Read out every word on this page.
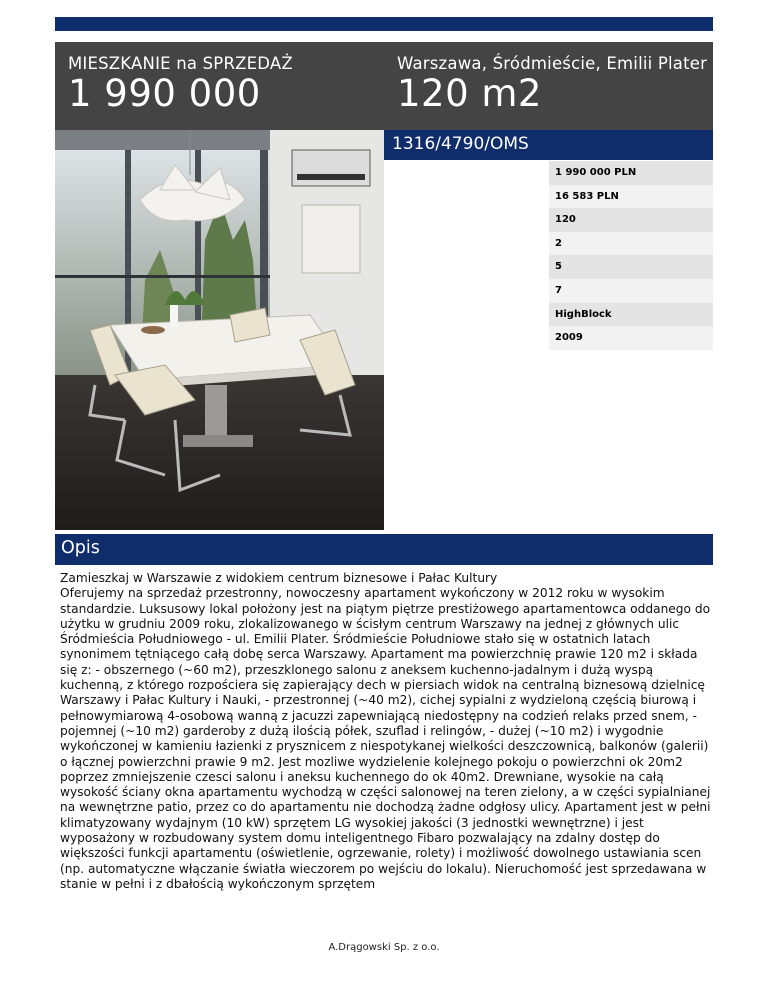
MIESZKANIE na SPRZEDAŻ
1 990 000
Warszawa, Śródmieście, Emilii Plater
120 m2
1316/4790/OMS
1 990 000 PLN
16 583 PLN
120
2
5
7
HighBlock
2009
Opis
Zamieszkaj w Warszawie z widokiem centrum biznesowe i Pałac Kultury
Oferujemy na sprzedaż przestronny, nowoczesny apartament wykończony w 2012 roku w wysokim standardzie. Luksusowy lokal położony jest na piątym piętrze prestiżowego apartamentowca oddanego do użytku w grudniu 2009 roku, zlokalizowanego w ścisłym centrum Warszawy na jednej z głównych ulic Śródmieścia Południowego - ul. Emilii Plater. Śródmieście Południowe stało się w ostatnich latach synonimem tętniącego całą dobę serca Warszawy. Apartament ma powierzchnię prawie 120 m2 i składa się z: - obszernego (~60 m2), przeszklonego salonu z aneksem kuchenno-jadalnym i dużą wyspą kuchenną, z którego rozpościera się zapierający dech w piersiach widok na centralną biznesową dzielnicę Warszawy i Pałac Kultury i Nauki, - przestronnej (~40 m2), cichej sypialni z wydzieloną częścią biurową i pełnowymiarową 4-osobową wanną z jacuzzi zapewniającą niedostępny na codzień relaks przed snem, - pojemnej (~10 m2) garderoby z dużą ilością półek, szuflad i relingów, - dużej (~10 m2) i wygodnie wykończonej w kamieniu łazienki z prysznicem z niespotykanej wielkości deszczownicą, balkonów (galerii) o łącznej powierzchni prawie 9 m2. Jest mozliwe wydzielenie kolejnego pokoju o powierzchni ok 20m2 poprzez zmniejszenie czesci salonu i aneksu kuchennego do ok 40m2. Drewniane, wysokie na całą wysokość ściany okna apartamentu wychodzą w części salonowej na teren zielony, a w części sypialnianej na wewnętrzne patio, przez co do apartamentu nie dochodzą żadne odgłosy ulicy. Apartament jest w pełni klimatyzowany wydajnym (10 kW) sprzętem LG wysokiej jakości (3 jednostki wewnętrzne) i jest wyposażony w rozbudowany system domu inteligentnego Fibaro pozwalający na zdalny dostęp do większości funkcji apartamentu (oświetlenie, ogrzewanie, rolety) i możliwość dowolnego ustawiania scen (np. automatyczne włączanie światła wieczorem po wejściu do lokalu). Nieruchomość jest sprzedawana w stanie w pełni i z dbałością wykończonym sprzętem
A.Drągowski Sp. z o.o.
